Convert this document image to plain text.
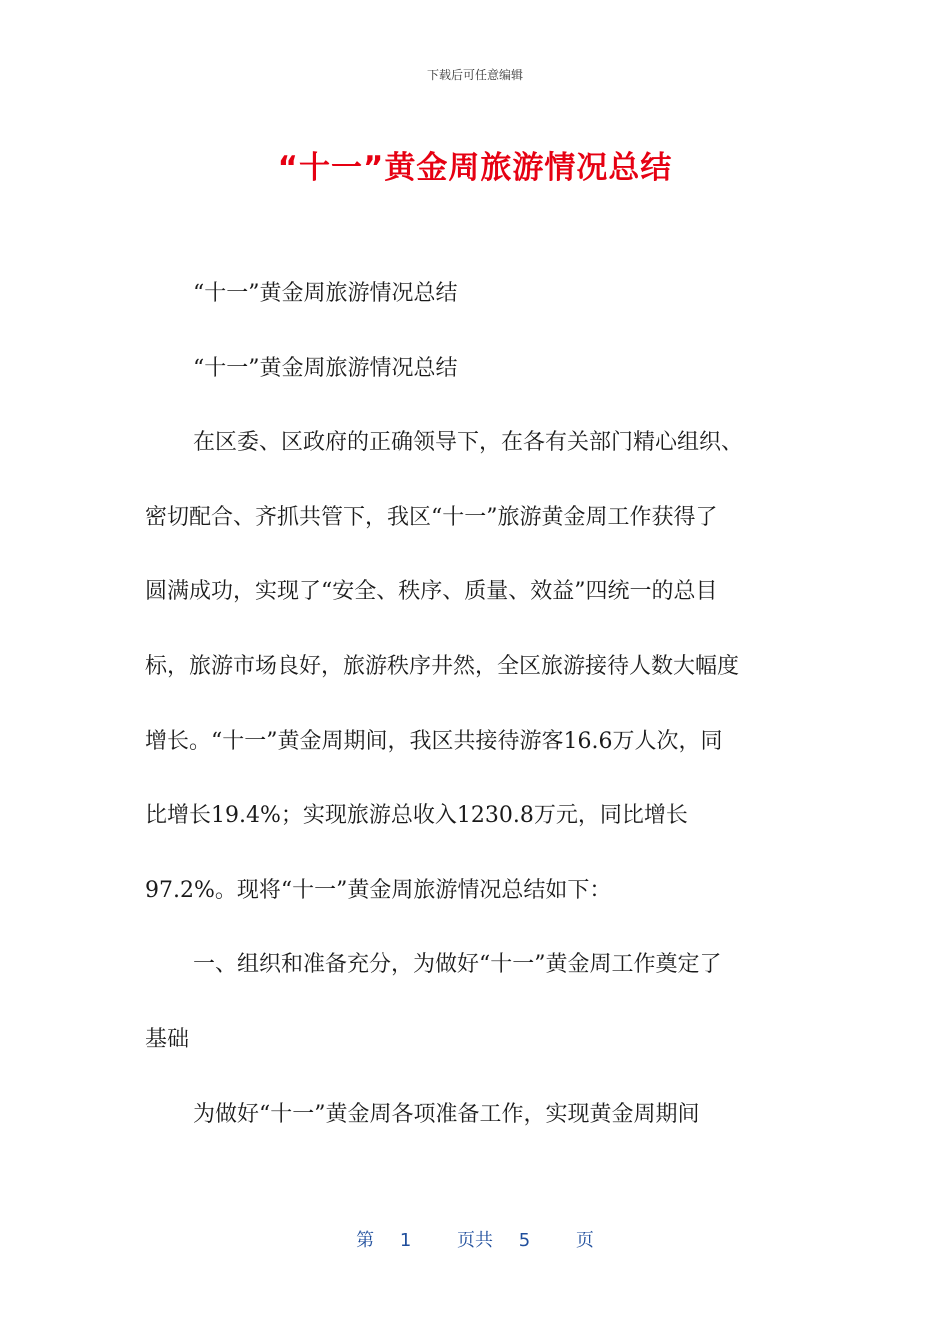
下载后可任意编辑
“十一”黄金周旅游情况总结

“十一”黄金周旅游情况总结

“十一”黄金周旅游情况总结

在区委、区政府的正确领导下，在各有关部门精心组织、

密切配合、齐抓共管下，我区“十一”旅游黄金周工作获得了

圆满成功，实现了“安全、秩序、质量、效益”四统一的总目

标，旅游市场良好，旅游秩序井然，全区旅游接待人数大幅度

增长。“十一”黄金周期间，我区共接待游客16.6万人次，同

比增长19.4%；实现旅游总收入1230.8万元，同比增长

97.2%。现将“十一”黄金周旅游情况总结如下：

一、组织和准备充分，为做好“十一”黄金周工作奠定了

基础

为做好“十一”黄金周各项准备工作，实现黄金周期间

第 1	页共 5	页
